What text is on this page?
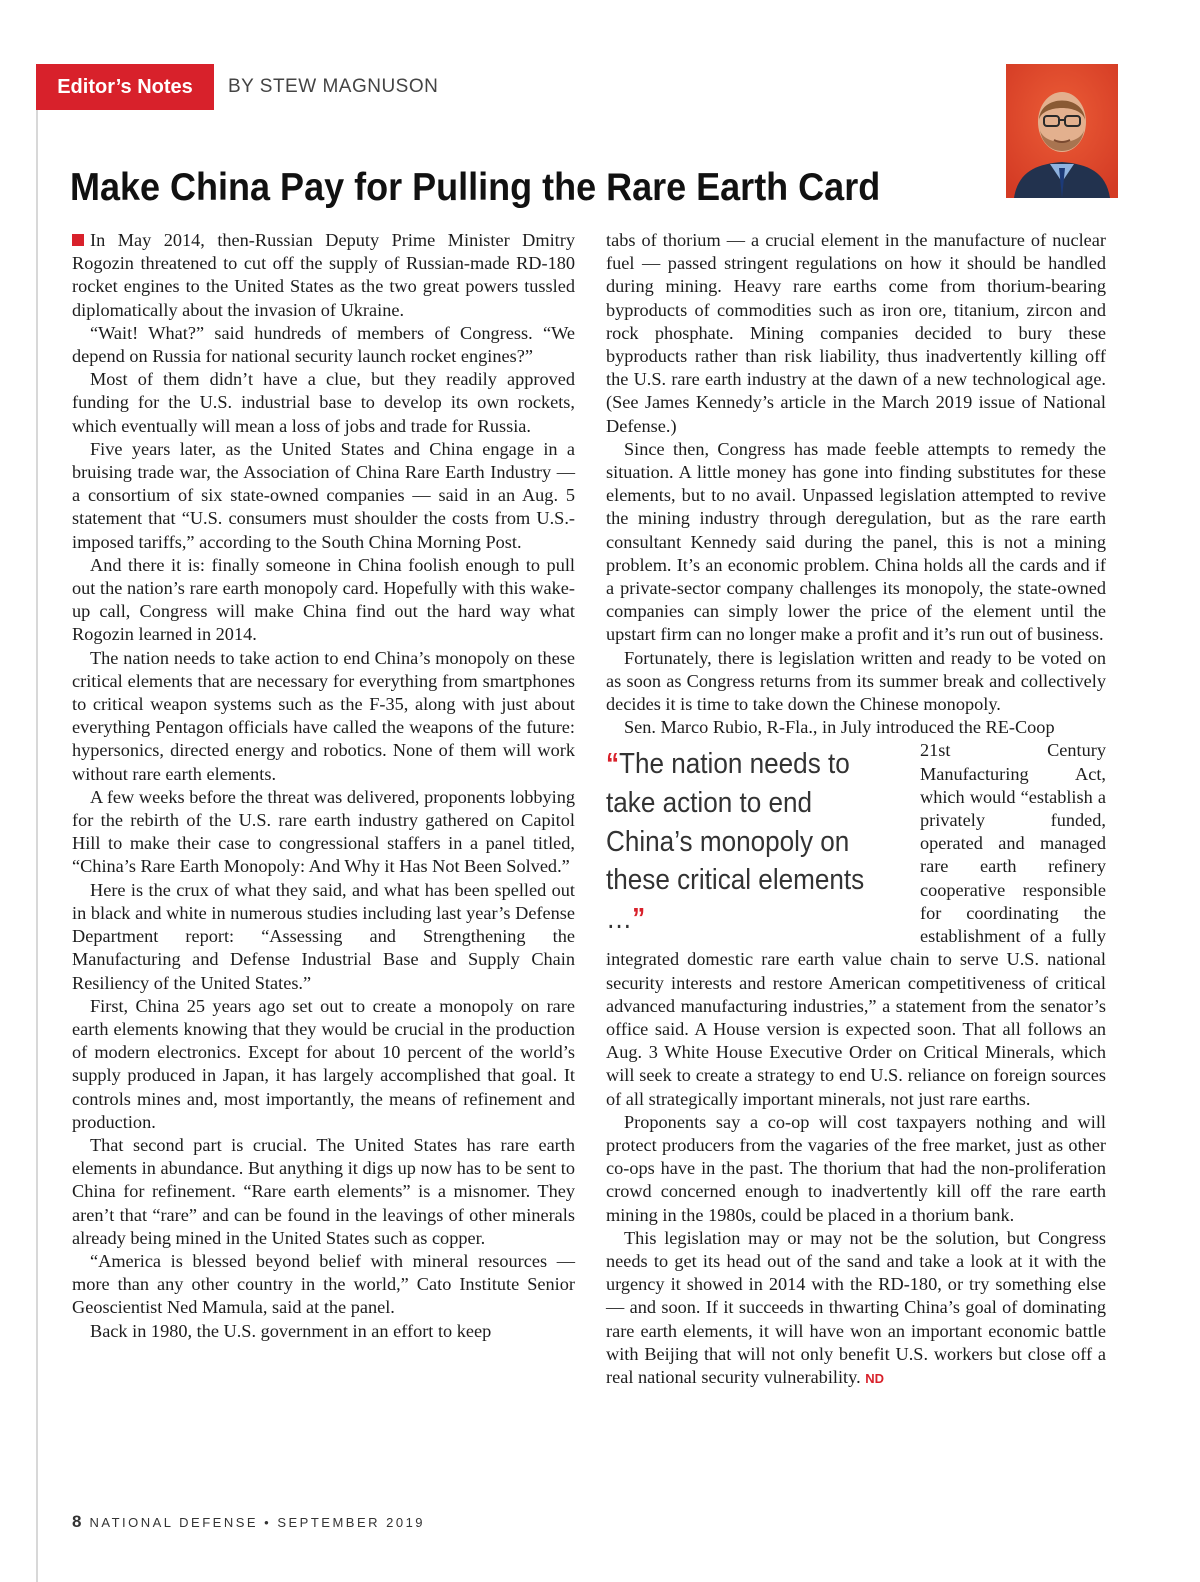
Editor’s Notes	BY STEW MAGNUSON
Make China Pay for Pulling the Rare Earth Card

In May 2014, then-Russian Deputy Prime Minister Dmitry Rogozin threatened to cut off the supply of Russian-made RD-180 rocket engines to the United States as the two great powers tussled diplomatically about the invasion of Ukraine.

“Wait! What?” said hundreds of members of Congress. “We depend on Russia for national security launch rocket engines?”

Most of them didn’t have a clue, but they readily approved funding for the U.S. industrial base to develop its own rockets, which eventually will mean a loss of jobs and trade for Russia.

Five years later, as the United States and China engage in a bruising trade war, the Association of China Rare Earth Industry — a consortium of six state-owned companies — said in an Aug. 5 statement that “U.S. consumers must shoulder the costs from U.S.-imposed tariffs,” according to the South China Morning Post.

And there it is: finally someone in China foolish enough to pull out the nation’s rare earth monopoly card. Hopefully with this wake-up call, Congress will make China find out the hard way what Rogozin learned in 2014.

The nation needs to take action to end China’s monopoly on these critical elements that are necessary for everything from smartphones to critical weapon systems such as the F-35, along with just about everything Pentagon officials have called the weapons of the future: hypersonics, directed energy and robotics. None of them will work without rare earth elements.

A few weeks before the threat was delivered, proponents lobbying for the rebirth of the U.S. rare earth industry gathered on Capitol Hill to make their case to congressional staffers in a panel titled, “China’s Rare Earth Monopoly: And Why it Has Not Been Solved.”

Here is the crux of what they said, and what has been spelled out in black and white in numerous studies including last year’s Defense Department report: “Assessing and Strengthening the Manufacturing and Defense Industrial Base and Supply Chain Resiliency of the United States.”

First, China 25 years ago set out to create a monopoly on rare earth elements knowing that they would be crucial in the production of modern electronics. Except for about 10 percent of the world’s supply produced in Japan, it has largely accomplished that goal. It controls mines and, most importantly, the means of refinement and production.

That second part is crucial. The United States has rare earth elements in abundance. But anything it digs up now has to be sent to China for refinement. “Rare earth elements” is a misnomer. They aren’t that “rare” and can be found in the leavings of other minerals already being mined in the United States such as copper.

“America is blessed beyond belief with mineral resources — more than any other country in the world,” Cato Institute Senior Geoscientist Ned Mamula, said at the panel.

Back in 1980, the U.S. government in an effort to keep

tabs of thorium — a crucial element in the manufacture of nuclear fuel — passed stringent regulations on how it should be handled during mining. Heavy rare earths come from thorium-bearing byproducts of commodities such as iron ore, titanium, zircon and rock phosphate. Mining companies decided to bury these byproducts rather than risk liability, thus inadvertently killing off the U.S. rare earth industry at the dawn of a new technological age. (See James Kennedy’s article in the March 2019 issue of National Defense.)

Since then, Congress has made feeble attempts to remedy the situation. A little money has gone into finding substitutes for these elements, but to no avail. Unpassed legislation attempted to revive the mining industry through deregulation, but as the rare earth consultant Kennedy said during the panel, this is not a mining problem. It’s an economic problem. China holds all the cards and if a private-sector company challenges its monopoly, the state-owned companies can simply lower the price of the element until the upstart firm can no longer make a profit and it’s run out of business.

Fortunately, there is legislation written and ready to be voted on as soon as Congress returns from its summer break and collectively decides it is time to take down the Chinese monopoly.

Sen. Marco Rubio, R-Fla., in July introduced the RE-Coop

“The nation needs to take action to end China’s monopoly on these critical elements …”

21st Century Manufacturing Act, which would “establish a privately funded, operated and managed rare earth refinery cooperative responsible for coordinating the establishment of a fully integrated domestic rare earth value chain to serve U.S. national security interests and restore American competitiveness of critical advanced manufacturing industries,” a statement from the senator’s office said. A House version is expected soon. That all follows an Aug. 3 White House Executive Order on Critical Minerals, which will seek to create a strategy to end U.S. reliance on foreign sources of all strategically important minerals, not just rare earths.

Proponents say a co-op will cost taxpayers nothing and will protect producers from the vagaries of the free market, just as other co-ops have in the past. The thorium that had the non-proliferation crowd concerned enough to inadvertently kill off the rare earth mining in the 1980s, could be placed in a thorium bank.

This legislation may or may not be the solution, but Congress needs to get its head out of the sand and take a look at it with the urgency it showed in 2014 with the RD-180, or try something else — and soon. If it succeeds in thwarting China’s goal of dominating rare earth elements, it will have won an important economic battle with Beijing that will not only benefit U.S. workers but close off a real national security vulnerability. ND

8 NATIONAL DEFENSE • SEPTEMBER 2019
